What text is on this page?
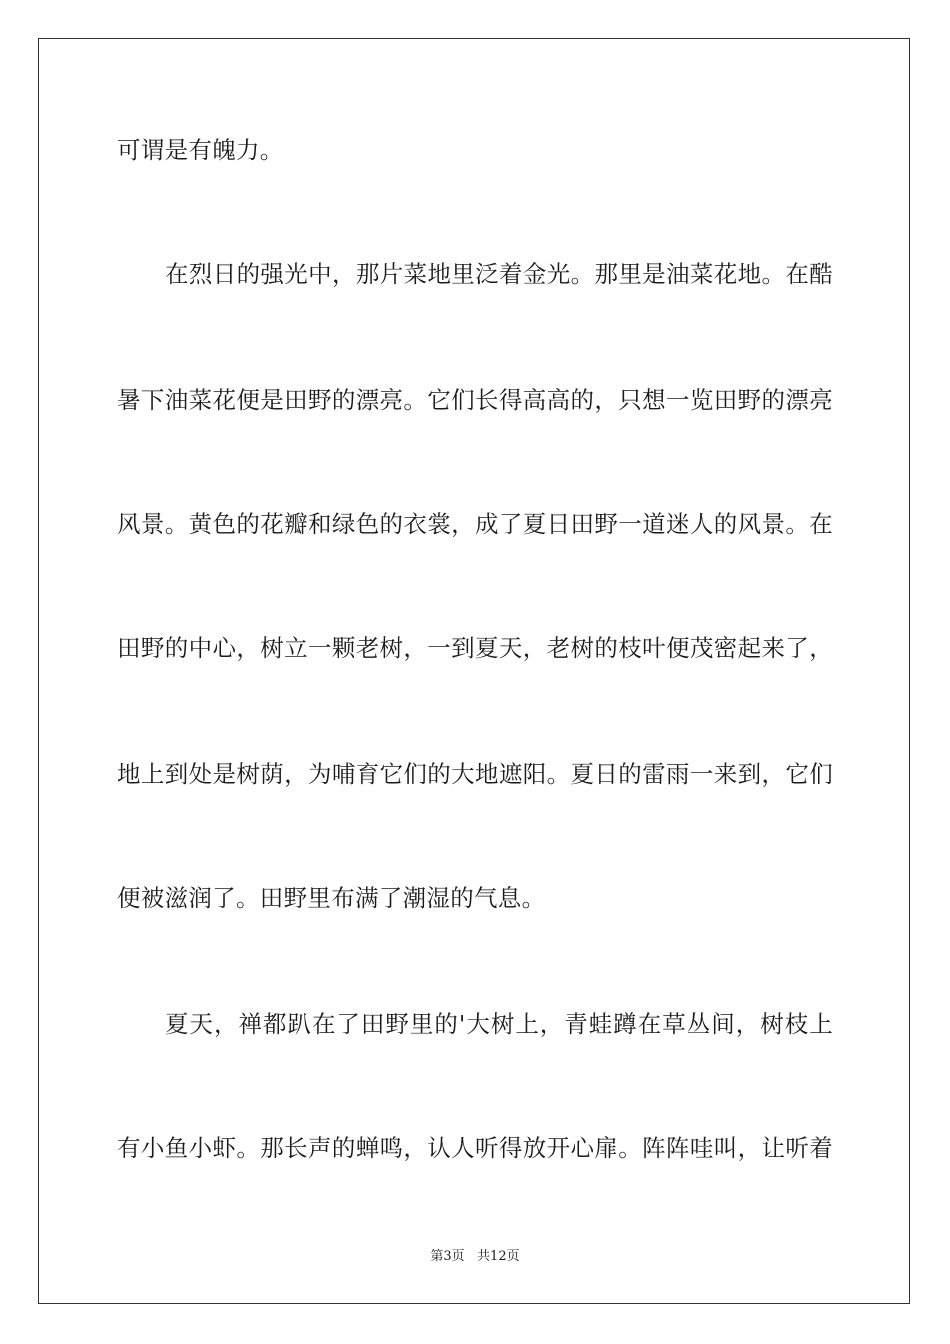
可谓是有魄力。
在烈日的强光中，那片菜地里泛着金光。那里是油菜花地。在酷
暑下油菜花便是田野的漂亮。它们长得高高的，只想一览田野的漂亮
风景。黄色的花瓣和绿色的衣裳，成了夏日田野一道迷人的风景。在
田野的中心，树立一颗老树，一到夏天，老树的枝叶便茂密起来了，
地上到处是树荫，为哺育它们的大地遮阳。夏日的雷雨一来到，它们
便被滋润了。田野里布满了潮湿的气息。
夏天，禅都趴在了田野里的'大树上，青蛙蹲在草丛间，树枝上
有小鱼小虾。那长声的蝉鸣，认人听得放开心扉。阵阵哇叫，让听着
第3页   共12页
